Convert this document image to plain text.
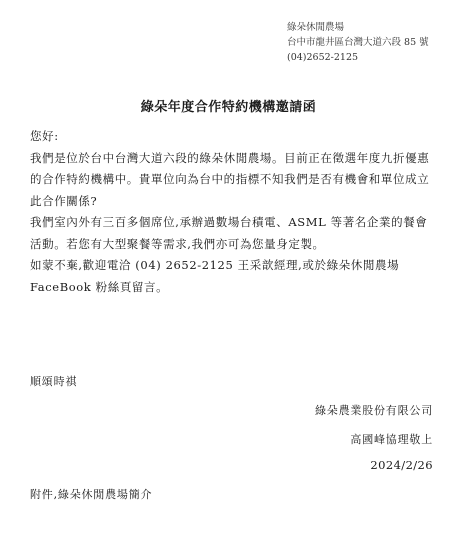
綠朵休閒農場
台中市龍井區台灣大道六段 85 號
(04)2652-2125
綠朵年度合作特約機構邀請函
您好:
我們是位於台中台灣大道六段的綠朵休閒農場。目前正在徵選年度九折優惠
的合作特約機構中。貴單位向為台中的指標不知我們是否有機會和單位成立
此合作關係?
我們室內外有三百多個席位,承辦過數場台積電、ASML 等著名企業的餐會
活動。若您有大型聚餐等需求,我們亦可為您量身定製。
如蒙不棄,歡迎電洽 (04) 2652-2125 王采歆經理,或於綠朵休閒農場
FaceBook 粉絲頁留言。
順頌時祺
綠朵農業股份有限公司
高國峰協理敬上
2024/2/26
附件,綠朵休閒農場簡介
